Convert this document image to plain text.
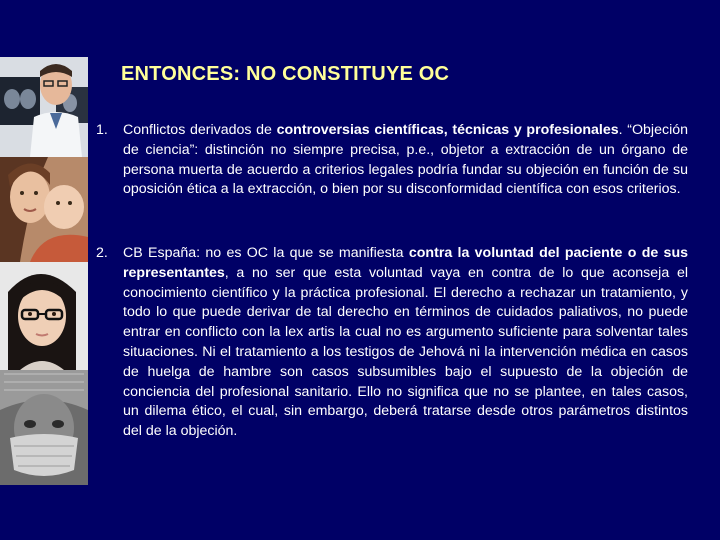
ENTONCES: NO CONSTITUYE OC
1. Conflictos derivados de controversias científicas, técnicas y profesionales. “Objeción de ciencia”: distinción no siempre precisa, p.e., objetor a extracción de un órgano de persona muerta de acuerdo a criterios legales podría fundar su objeción en función de su oposición ética a la extracción, o bien por su disconformidad científica con esos criterios.
2. CB España: no es OC la que se manifiesta contra la voluntad del paciente o de sus representantes, a no ser que esta voluntad vaya en contra de lo que aconseja el conocimiento científico y la práctica profesional. El derecho a rechazar un tratamiento, y todo lo que puede derivar de tal derecho en términos de cuidados paliativos, no puede entrar en conflicto con la lex artis la cual no es argumento suficiente para solventar tales situaciones. Ni el tratamiento a los testigos de Jehová ni la intervención médica en casos de huelga de hambre son casos subsumibles bajo el supuesto de la objeción de conciencia del profesional sanitario. Ello no significa que no se plantee, en tales casos, un dilema ético, el cual, sin embargo, deberá tratarse desde otros parámetros distintos del de la objeción.
